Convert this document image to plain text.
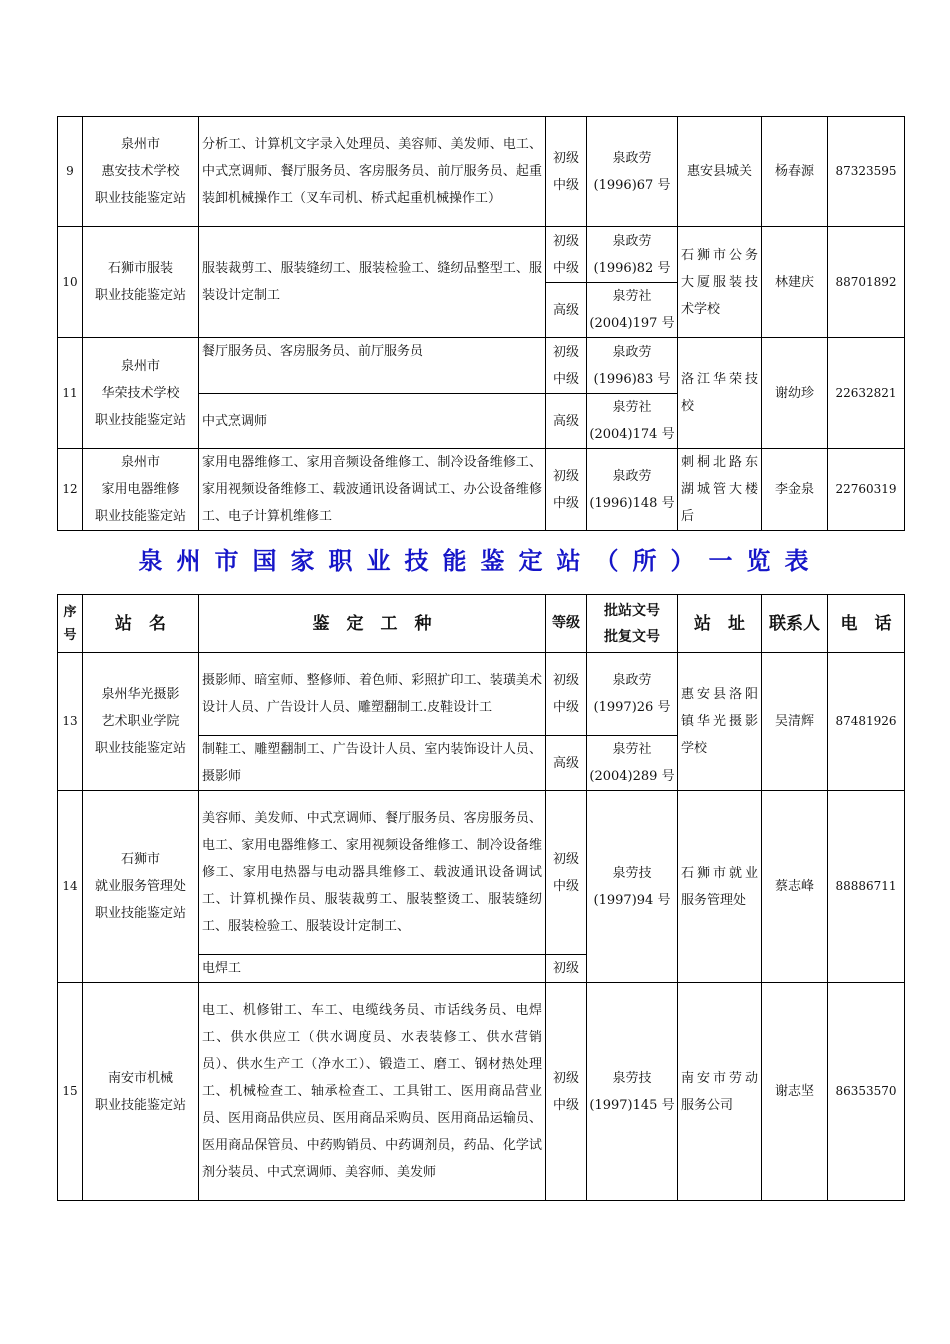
9	泉州市
惠安技术学校
职业技能鉴定站	分析工、计算机文字录入处理员、美容师、美发师、电工、中式烹调师、餐厅服务员、客房服务员、前厅服务员、起重装卸机械操作工（叉车司机、桥式起重机械操作工）	初级
中级	泉政劳
(1996)67 号	惠安县城关	杨春源	87323595
10	石狮市服装
职业技能鉴定站	服装裁剪工、服装缝纫工、服装检验工、缝纫品整型工、服装设计定制工	初级
中级	泉政劳
(1996)82 号	石狮市公务大厦服装技术学校	林建庆	88701892
			高级	泉劳社
(2004)197 号			

11	泉州市
华荣技术学校
职业技能鉴定站	餐厅服务员、客房服务员、前厅服务员	初级
中级	泉政劳
(1996)83 号	洛江华荣技校	谢幼珍	22632821
		中式烹调师	高级	泉劳社
(2004)174 号			

12	泉州市
家用电器维修
职业技能鉴定站	家用电器维修工、家用音频设备维修工、制冷设备维修工、家用视频设备维修工、载波通讯设备调试工、办公设备维修工、电子计算机维修工	初级
中级	泉政劳
(1996)148 号	刺桐北路东湖城管大楼后	李金泉	22760319
泉州市国家职业技能鉴定站（所）一览表
序
号	站　名	鉴　定　工　种	等级	批站文号
批复文号	站　址	联系人	电　话
13	泉州华光摄影
艺术职业学院
职业技能鉴定站	摄影师、暗室师、整修师、着色师、彩照扩印工、装璜美术设计人员、广告设计人员、雕塑翻制工.皮鞋设计工	初级
中级	泉政劳
(1997)26 号	惠安县洛阳镇华光摄影学校	吴清辉	87481926
		制鞋工、雕塑翻制工、广告设计人员、室内装饰设计人员、摄影师	高级	泉劳社
(2004)289 号			

14	石狮市
就业服务管理处
职业技能鉴定站	美容师、美发师、中式烹调师、餐厅服务员、客房服务员、电工、家用电器维修工、家用视频设备维修工、制冷设备维修工、家用电热器与电动器具维修工、载波通讯设备调试工、计算机操作员、服装裁剪工、服装整烫工、服装缝纫工、服装检验工、服装设计定制工、	初级
中级	泉劳技
(1997)94 号	石狮市就业服务管理处	蔡志峰	88886711
		电焊工	初级				
15	南安市机械
职业技能鉴定站	电工、机修钳工、车工、电缆线务员、市话线务员、电焊工、供水供应工（供水调度员、水表装修工、供水营销员）、供水生产工（净水工）、锻造工、磨工、钢材热处理工、机械检查工、轴承检查工、工具钳工、医用商品营业员、医用商品供应员、医用商品采购员、医用商品运输员、医用商品保管员、中药购销员、中药调剂员，药品、化学试剂分装员、中式烹调师、美容师、美发师	初级
中级	泉劳技
(1997)145 号	南安市劳动服务公司	谢志坚	86353570
